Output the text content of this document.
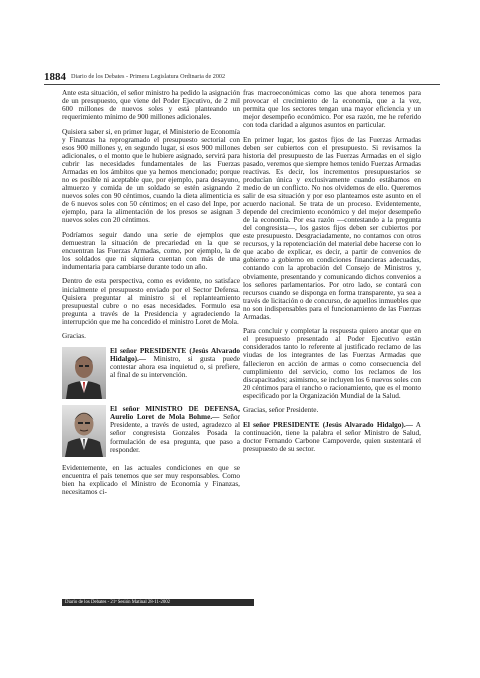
1884 Diario de los Debates - Primera Legislatura Ordinaria de 2002

Ante esta situación, el señor ministro ha pedido la asignación de un presupuesto, que viene del Poder Ejecutivo, de 2 mil 600 millones de nuevos soles y está planteando un requerimiento mínimo de 900 millones adicionales.

Quisiera saber si, en primer lugar, el Ministerio de Economía y Finanzas ha reprogramado el presupuesto sectorial con esos 900 millones y, en segundo lugar, si esos 900 millones adicionales, o el monto que le hubiere asignado, servirá para cubrir las necesidades fundamentales de las Fuerzas Armadas en los ámbitos que ya hemos mencionado; porque no es posible ni aceptable que, por ejemplo, para desayuno, almuerzo y comida de un soldado se estén asignando 2 nuevos soles con 90 céntimos, cuando la dieta alimenticia es de 6 nuevos soles con 50 céntimos; en el caso del Inpe, por ejemplo, para la alimentación de los presos se asignan 3 nuevos soles con 20 céntimos.

Podríamos seguir dando una serie de ejemplos que demuestran la situación de precariedad en la que se encuentran las Fuerzas Armadas, como, por ejemplo, la de los soldados que ni siquiera cuentan con más de una indumentaria para cambiarse durante todo un año.

Dentro de esta perspectiva, como es evidente, no satisface inicialmente el presupuesto enviado por el Sector Defensa. Quisiera preguntar al ministro si el replanteamiento presupuestal cubre o no esas necesidades. Formulo esa pregunta a través de la Presidencia y agradeciendo la interrupción que me ha concedido el ministro Loret de Mola.

Gracias.

El señor PRESIDENTE (Jesús Alvarado Hidalgo).— Ministro, si gusta puede contestar ahora esa inquietud o, si prefiere, al final de su intervención.

El señor MINISTRO DE DEFENSA, Aurelio Loret de Mola Bohme.— Señor Presidente, a través de usted, agradezco al señor congresista Gonzales Posada la formulación de esa pregunta, que paso a responder.

Evidentemente, en las actuales condiciones en que se encuentra el país tenemos que ser muy responsables. Como bien ha explicado el Ministro de Economía y Finanzas, necesitamos ci-

fras macroeconómicas como las que ahora tenemos para provocar el crecimiento de la economía, que a la vez, permita que los sectores tengan una mayor eficiencia y un mejor desempeño económico. Por esa razón, me he referido con toda claridad a algunos asuntos en particular.

En primer lugar, los gastos fijos de las Fuerzas Armadas deben ser cubiertos con el presupuesto. Si revisamos la historia del presupuesto de las Fuerzas Armadas en el siglo pasado, veremos que siempre hemos tenido Fuerzas Armadas reactivas. Es decir, los incrementos presupuestarios se producían única y exclusivamente cuando estábamos en medio de un conflicto. No nos olvidemos de ello. Queremos salir de esa situación y por eso planteamos este asunto en el acuerdo nacional. Se trata de un proceso. Evidentemente, depende del crecimiento económico y del mejor desempeño de la economía. Por esa razón —contestando a la pregunta del congresista—, los gastos fijos deben ser cubiertos por este presupuesto. Desgraciadamente, no contamos con otros recursos, y la repotenciación del material debe hacerse con lo que acabo de explicar, es decir, a partir de convenios de gobierno a gobierno en condiciones financieras adecuadas, contando con la aprobación del Consejo de Ministros y, obviamente, presentando y comunicando dichos convenios a los señores parlamentarios. Por otro lado, se contará con recursos cuando se disponga en forma transparente, ya sea a través de licitación o de concurso, de aquellos inmuebles que no son indispensables para el funcionamiento de las Fuerzas Armadas.

Para concluir y completar la respuesta quiero anotar que en el presupuesto presentado al Poder Ejecutivo están considerados tanto lo referente al justificado reclamo de las viudas de los integrantes de las Fuerzas Armadas que fallecieron en acción de armas o como consecuencia del cumplimiento del servicio, como los reclamos de los discapacitados; asimismo, se incluyen los 6 nuevos soles con 20 céntimos para el rancho o racionamiento, que es el monto especificado por la Organización Mundial de la Salud.

Gracias, señor Presidente.

El señor PRESIDENTE (Jesús Alvarado Hidalgo).— A continuación, tiene la palabra el señor Ministro de Salud, doctor Fernando Carbone Campoverde, quien sustentará el presupuesto de su sector.

Diario de los Debates - 21ª Sesión Matinal 28-11-2002
